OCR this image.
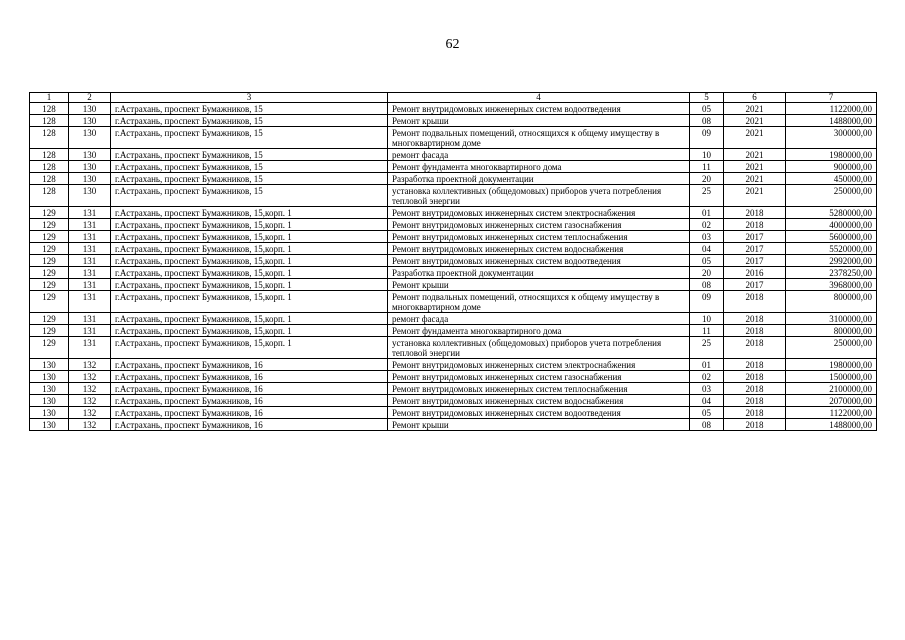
62
1	2	3	4	5	6	7
128	130	г.Астрахань, проспект Бумажников, 15	Ремонт внутридомовых инженерных систем водоотведения	05	2021	1122000,00
128	130	г.Астрахань, проспект Бумажников, 15	Ремонт крыши	08	2021	1488000,00
128	130	г.Астрахань, проспект Бумажников, 15	Ремонт подвальных помещений, относящихся к общему имуществу в многоквартирном доме	09	2021	300000,00
128	130	г.Астрахань, проспект Бумажников, 15	ремонт фасада	10	2021	1980000,00
128	130	г.Астрахань, проспект Бумажников, 15	Ремонт фундамента многоквартирного дома	11	2021	900000,00
128	130	г.Астрахань, проспект Бумажников, 15	Разработка проектной документации	20	2021	450000,00
128	130	г.Астрахань, проспект Бумажников, 15	установка коллективных (общедомовых) приборов учета потребления тепловой энергии	25	2021	250000,00
129	131	г.Астрахань, проспект Бумажников, 15,корп. 1	Ремонт внутридомовых инженерных систем электроснабжения	01	2018	5280000,00
129	131	г.Астрахань, проспект Бумажников, 15,корп. 1	Ремонт внутридомовых инженерных систем газоснабжения	02	2018	4000000,00
129	131	г.Астрахань, проспект Бумажников, 15,корп. 1	Ремонт внутридомовых инженерных систем теплоснабжения	03	2017	5600000,00
129	131	г.Астрахань, проспект Бумажников, 15,корп. 1	Ремонт внутридомовых инженерных систем водоснабжения	04	2017	5520000,00
129	131	г.Астрахань, проспект Бумажников, 15,корп. 1	Ремонт внутридомовых инженерных систем водоотведения	05	2017	2992000,00
129	131	г.Астрахань, проспект Бумажников, 15,корп. 1	Разработка проектной документации	20	2016	2378250,00
129	131	г.Астрахань, проспект Бумажников, 15,корп. 1	Ремонт крыши	08	2017	3968000,00
129	131	г.Астрахань, проспект Бумажников, 15,корп. 1	Ремонт подвальных помещений, относящихся к общему имуществу в многоквартирном доме	09	2018	800000,00
129	131	г.Астрахань, проспект Бумажников, 15,корп. 1	ремонт фасада	10	2018	3100000,00
129	131	г.Астрахань, проспект Бумажников, 15,корп. 1	Ремонт фундамента многоквартирного дома	11	2018	800000,00
129	131	г.Астрахань, проспект Бумажников, 15,корп. 1	установка коллективных (общедомовых) приборов учета потребления тепловой энергии	25	2018	250000,00
130	132	г.Астрахань, проспект Бумажников, 16	Ремонт внутридомовых инженерных систем электроснабжения	01	2018	1980000,00
130	132	г.Астрахань, проспект Бумажников, 16	Ремонт внутридомовых инженерных систем газоснабжения	02	2018	1500000,00
130	132	г.Астрахань, проспект Бумажников, 16	Ремонт внутридомовых инженерных систем теплоснабжения	03	2018	2100000,00
130	132	г.Астрахань, проспект Бумажников, 16	Ремонт внутридомовых инженерных систем водоснабжения	04	2018	2070000,00
130	132	г.Астрахань, проспект Бумажников, 16	Ремонт внутридомовых инженерных систем водоотведения	05	2018	1122000,00
130	132	г.Астрахань, проспект Бумажников, 16	Ремонт крыши	08	2018	1488000,00
